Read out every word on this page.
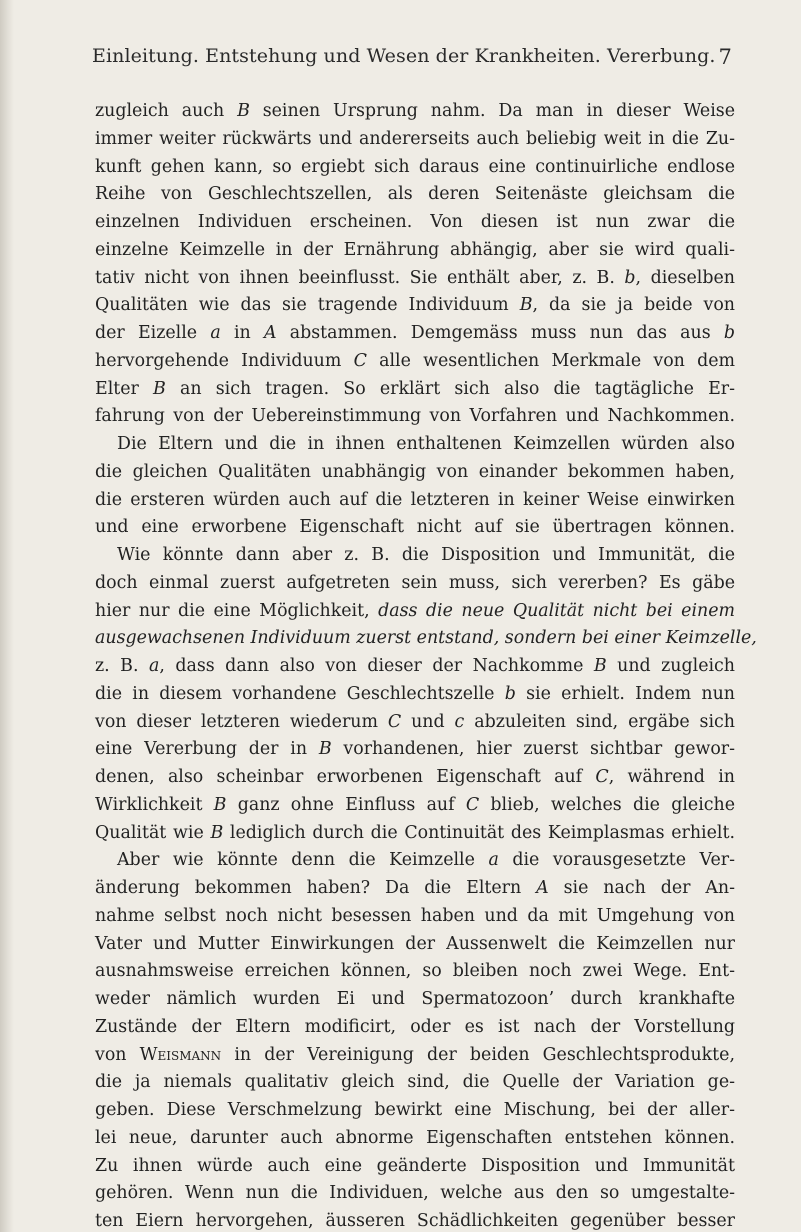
Einleitung. Entstehung und Wesen der Krankheiten. Vererbung. 7
zugleich auch B seinen Ursprung nahm. Da man in dieser Weise
immer weiter rückwärts und andererseits auch beliebig weit in die Zu-
kunft gehen kann, so ergiebt sich daraus eine continuirliche endlose
Reihe von Geschlechtszellen, als deren Seitenäste gleichsam die
einzelnen Individuen erscheinen. Von diesen ist nun zwar die
einzelne Keimzelle in der Ernährung abhängig, aber sie wird quali-
tativ nicht von ihnen beeinflusst. Sie enthält aber, z. B. b, dieselben
Qualitäten wie das sie tragende Individuum B, da sie ja beide von
der Eizelle a in A abstammen. Demgemäss muss nun das aus b
hervorgehende Individuum C alle wesentlichen Merkmale von dem
Elter B an sich tragen. So erklärt sich also die tagtägliche Er-
fahrung von der Uebereinstimmung von Vorfahren und Nachkommen.
Die Eltern und die in ihnen enthaltenen Keimzellen würden also
die gleichen Qualitäten unabhängig von einander bekommen haben,
die ersteren würden auch auf die letzteren in keiner Weise einwirken
und eine erworbene Eigenschaft nicht auf sie übertragen können.
Wie könnte dann aber z. B. die Disposition und Immunität, die
doch einmal zuerst aufgetreten sein muss, sich vererben? Es gäbe
hier nur die eine Möglichkeit, dass die neue Qualität nicht bei einem
ausgewachsenen Individuum zuerst entstand, sondern bei einer Keimzelle,
z. B. a, dass dann also von dieser der Nachkomme B und zugleich
die in diesem vorhandene Geschlechtszelle b sie erhielt. Indem nun
von dieser letzteren wiederum C und c abzuleiten sind, ergäbe sich
eine Vererbung der in B vorhandenen, hier zuerst sichtbar gewor-
denen, also scheinbar erworbenen Eigenschaft auf C, während in
Wirklichkeit B ganz ohne Einfluss auf C blieb, welches die gleiche
Qualität wie B lediglich durch die Continuität des Keimplasmas erhielt.
Aber wie könnte denn die Keimzelle a die vorausgesetzte Ver-
änderung bekommen haben? Da die Eltern A sie nach der An-
nahme selbst noch nicht besessen haben und da mit Umgehung von
Vater und Mutter Einwirkungen der Aussenwelt die Keimzellen nur
ausnahmsweise erreichen können, so bleiben noch zwei Wege. Ent-
weder nämlich wurden Ei und Spermatozoon’ durch krankhafte
Zustände der Eltern modificirt, oder es ist nach der Vorstellung
von Weismann in der Vereinigung der beiden Geschlechtsprodukte,
die ja niemals qualitativ gleich sind, die Quelle der Variation ge-
geben. Diese Verschmelzung bewirkt eine Mischung, bei der aller-
lei neue, darunter auch abnorme Eigenschaften entstehen können.
Zu ihnen würde auch eine geänderte Disposition und Immunität
gehören. Wenn nun die Individuen, welche aus den so umgestalte-
ten Eiern hervorgehen, äusseren Schädlichkeiten gegenüber besser
